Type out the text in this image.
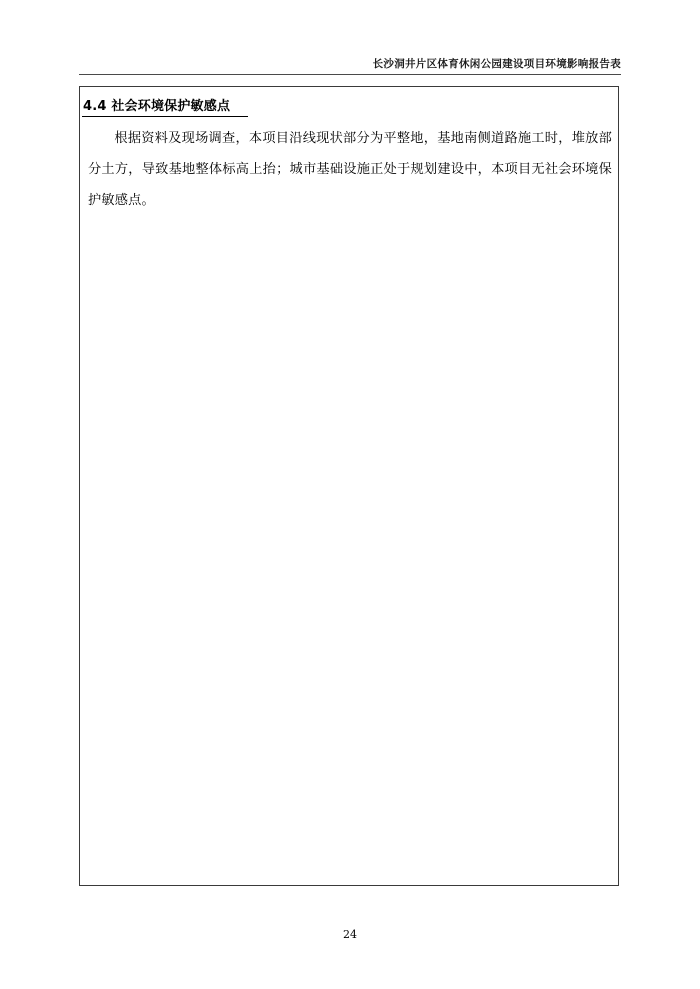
长沙洞井片区体育休闲公园建设项目环境影响报告表
4.4 社会环境保护敏感点
根据资料及现场调查，本项目沿线现状部分为平整地，基地南侧道路施工时，堆放部分土方，导致基地整体标高上抬；城市基础设施正处于规划建设中，本项目无社会环境保护敏感点。
24
